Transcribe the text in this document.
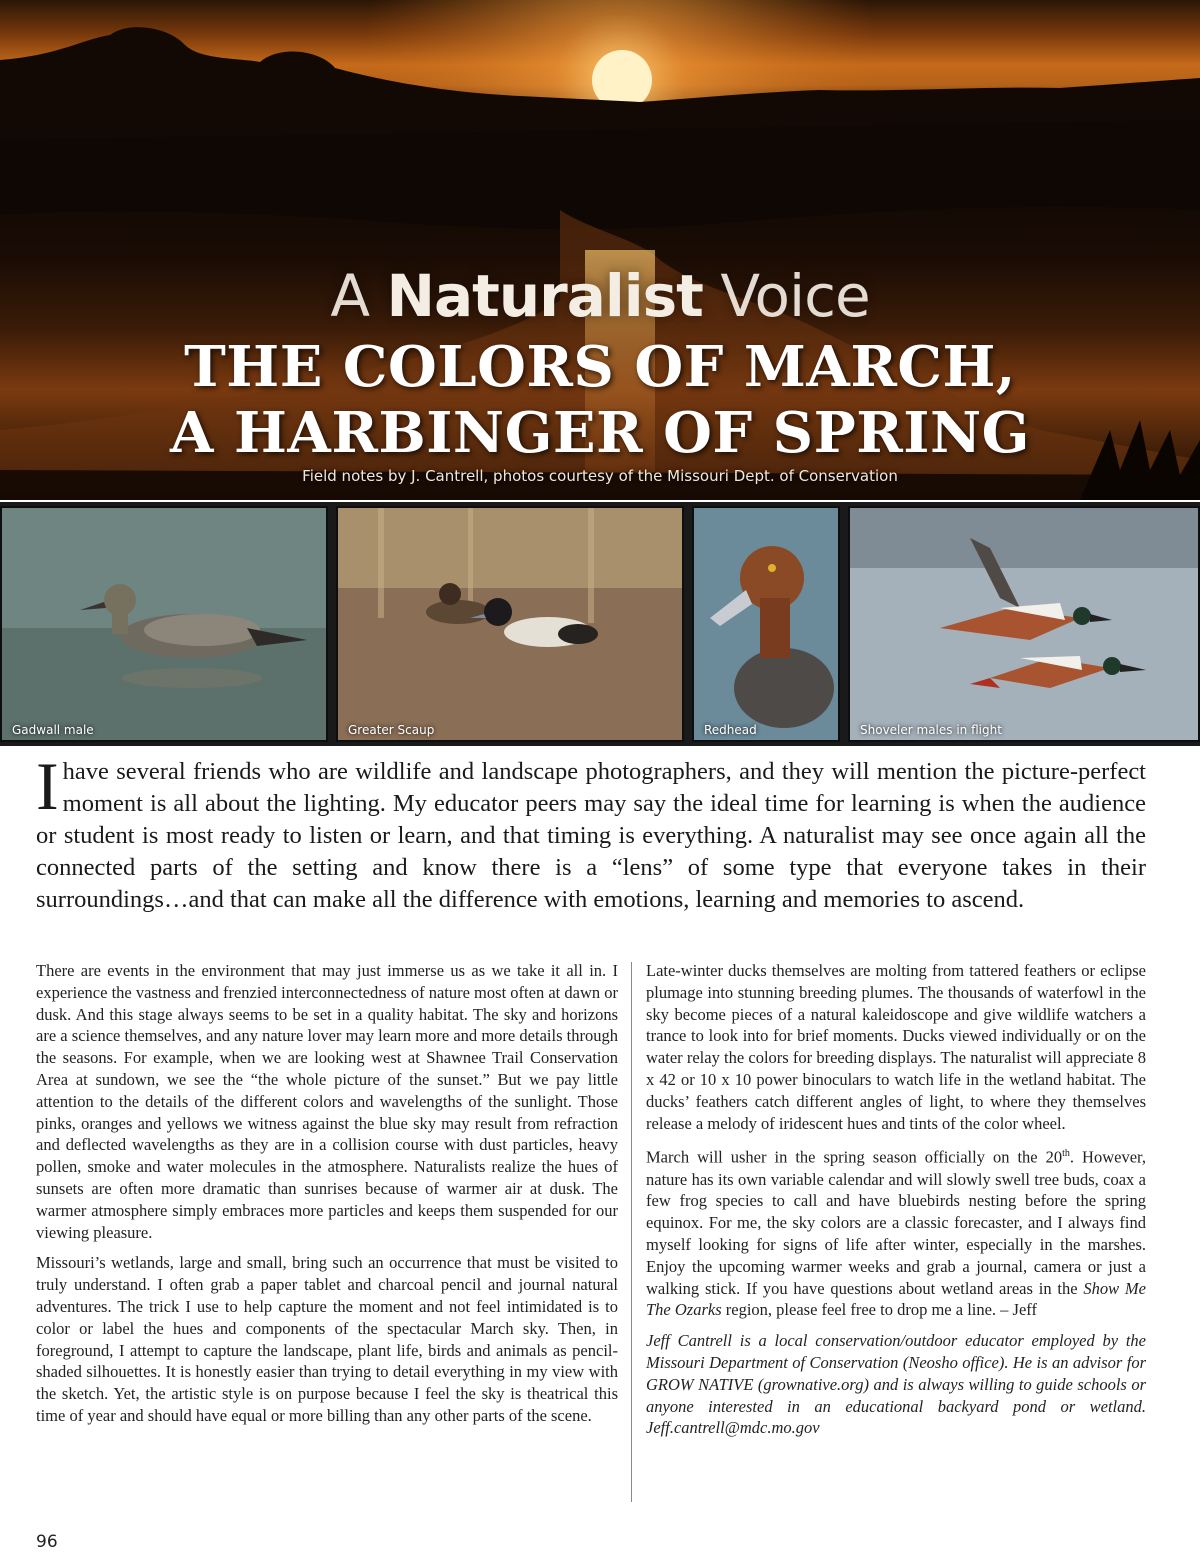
A Naturalist Voice
THE COLORS OF MARCH,
A HARBINGER OF SPRING
Field notes by J. Cantrell, photos courtesy of the Missouri Dept. of Conservation
Gadwall male	Greater Scaup	Redhead	Shoveler males in flight
Ihave several friends who are wildlife and landscape photographers, and they will mention the picture-perfect moment is all about the lighting. My educator peers may say the ideal time for learning is when the audience or student is most ready to listen or learn, and that timing is everything. A naturalist may see once again all the connected parts of the setting and know there is a “lens” of some type that everyone takes in their surroundings…and that can make all the difference with emotions, learning and memories to ascend.

There are events in the environment that may just immerse us as we take it all in. I experience the vastness and frenzied interconnectedness of nature most often at dawn or dusk. And this stage always seems to be set in a quality habitat. The sky and horizons are a science themselves, and any nature lover may learn more and more details through the seasons. For example, when we are looking west at Shawnee Trail Conservation Area at sundown, we see the “the whole picture of the sunset.” But we pay little attention to the details of the different colors and wavelengths of the sunlight. Those pinks, oranges and yellows we witness against the blue sky may result from refraction and deflected wavelengths as they are in a collision course with dust particles, heavy pollen, smoke and water molecules in the atmosphere. Naturalists realize the hues of sunsets are often more dramatic than sunrises because of warmer air at dusk. The warmer atmosphere simply embraces more particles and keeps them suspended for our viewing pleasure.

Missouri’s wetlands, large and small, bring such an occurrence that must be visited to truly understand. I often grab a paper tablet and charcoal pencil and journal natural adventures. The trick I use to help capture the moment and not feel intimidated is to color or label the hues and components of the spectacular March sky. Then, in foreground, I attempt to capture the landscape, plant life, birds and animals as pencil-shaded silhouettes. It is honestly easier than trying to detail everything in my view with the sketch. Yet, the artistic style is on purpose because I feel the sky is theatrical this time of year and should have equal or more billing than any other parts of the scene.

Late-winter ducks themselves are molting from tattered feathers or eclipse plumage into stunning breeding plumes. The thousands of waterfowl in the sky become pieces of a natural kaleidoscope and give wildlife watchers a trance to look into for brief moments. Ducks viewed individually or on the water relay the colors for breeding displays. The naturalist will appreciate 8 x 42 or 10 x 10 power binoculars to watch life in the wetland habitat. The ducks’ feathers catch different angles of light, to where they themselves release a melody of iridescent hues and tints of the color wheel.

March will usher in the spring season officially on the 20th. However, nature has its own variable calendar and will slowly swell tree buds, coax a few frog species to call and have bluebirds nesting before the spring equinox. For me, the sky colors are a classic forecaster, and I always find myself looking for signs of life after winter, especially in the marshes. Enjoy the upcoming warmer weeks and grab a journal, camera or just a walking stick. If you have questions about wetland areas in the Show Me The Ozarks region, please feel free to drop me a line. – Jeff

Jeff Cantrell is a local conservation/outdoor educator employed by the Missouri Department of Conservation (Neosho office). He is an advisor for GROW NATIVE (grownative.org) and is always willing to guide schools or anyone interested in an educational backyard pond or wetland. Jeff.cantrell@mdc.mo.gov

96
